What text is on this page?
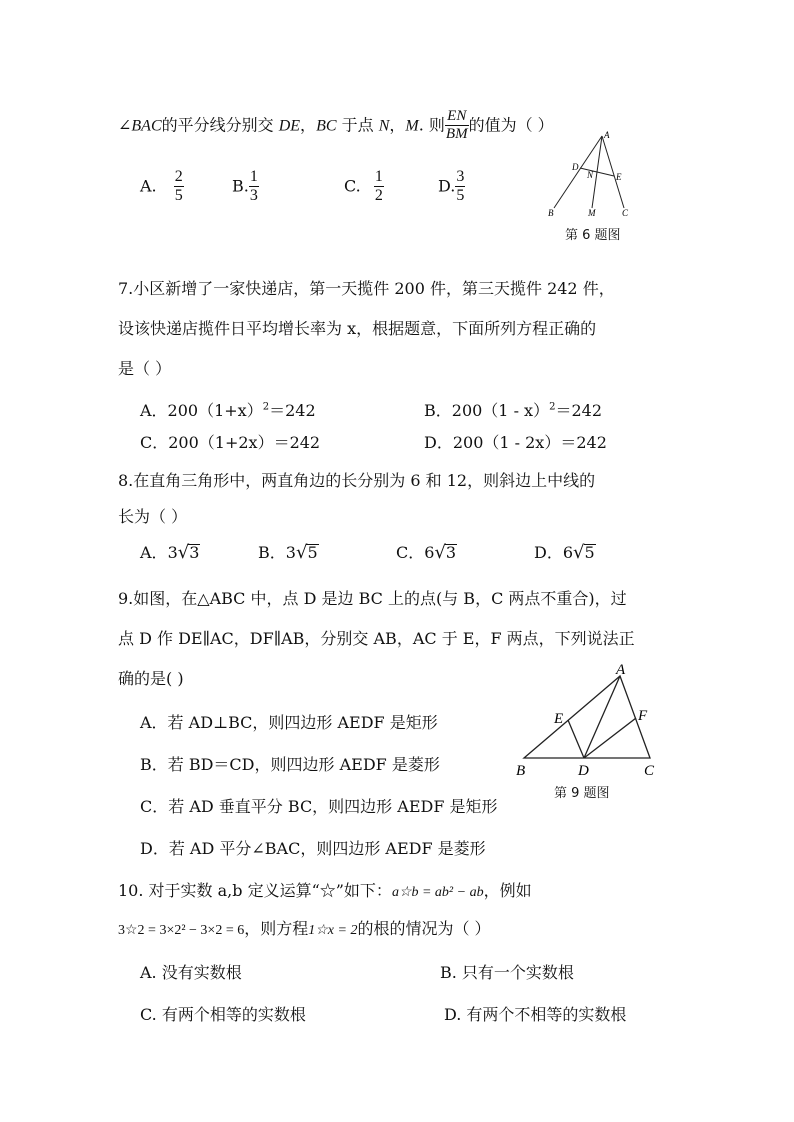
∠BAC的平分线分别交 DE，BC 于点 N，M. 则 $\frac{EN}{BM}$ 的值为（ ）
A. $\frac{2}{5}$	B. $\frac{1}{3}$	C. $\frac{1}{2}$	D. $\frac{3}{5}$
A
D
N	E
B	M	C
第 6 题图
7.小区新增了一家快递店，第一天揽件 200 件，第三天揽件 242 件，
设该快递店揽件日平均增长率为 x，根据题意，下面所列方程正确的
是（ ）
A．$200(1+x)^2=242$	B．200（1 - x）$^2$＝242
C．200（1+2x）＝242	D．200（1 - 2x）＝242
8.在直角三角形中，两直角边的长分别为 6 和 12，则斜边上中线的
长为（ ）
A．3√3	B．3√5	C．6√3	D．6√5
9.如图，在△ABC 中，点 D 是边 BC 上的点(与 B，C 两点不重合)，过
点 D 作 DE∥AC，DF∥AB，分别交 AB，AC 于 E，F 两点，下列说法正
确的是( )
A．若 AD⊥BC，则四边形 AEDF 是矩形
B．若 BD＝CD，则四边形 AEDF 是菱形
C．若 AD 垂直平分 BC，则四边形 AEDF 是矩形
D．若 AD 平分∠BAC，则四边形 AEDF 是菱形
A
E	F
B	D	C
第 9 题图
10. 对于实数 a,b 定义运算“☆”如下：a☆b = ab² − ab，例如
3☆2 = 3×2² − 3×2 = 6，则方程1☆x = 2的根的情况为（ ）
A. 没有实数根	B. 只有一个实数根
C. 有两个相等的实数根	D. 有两个不相等的实数根
